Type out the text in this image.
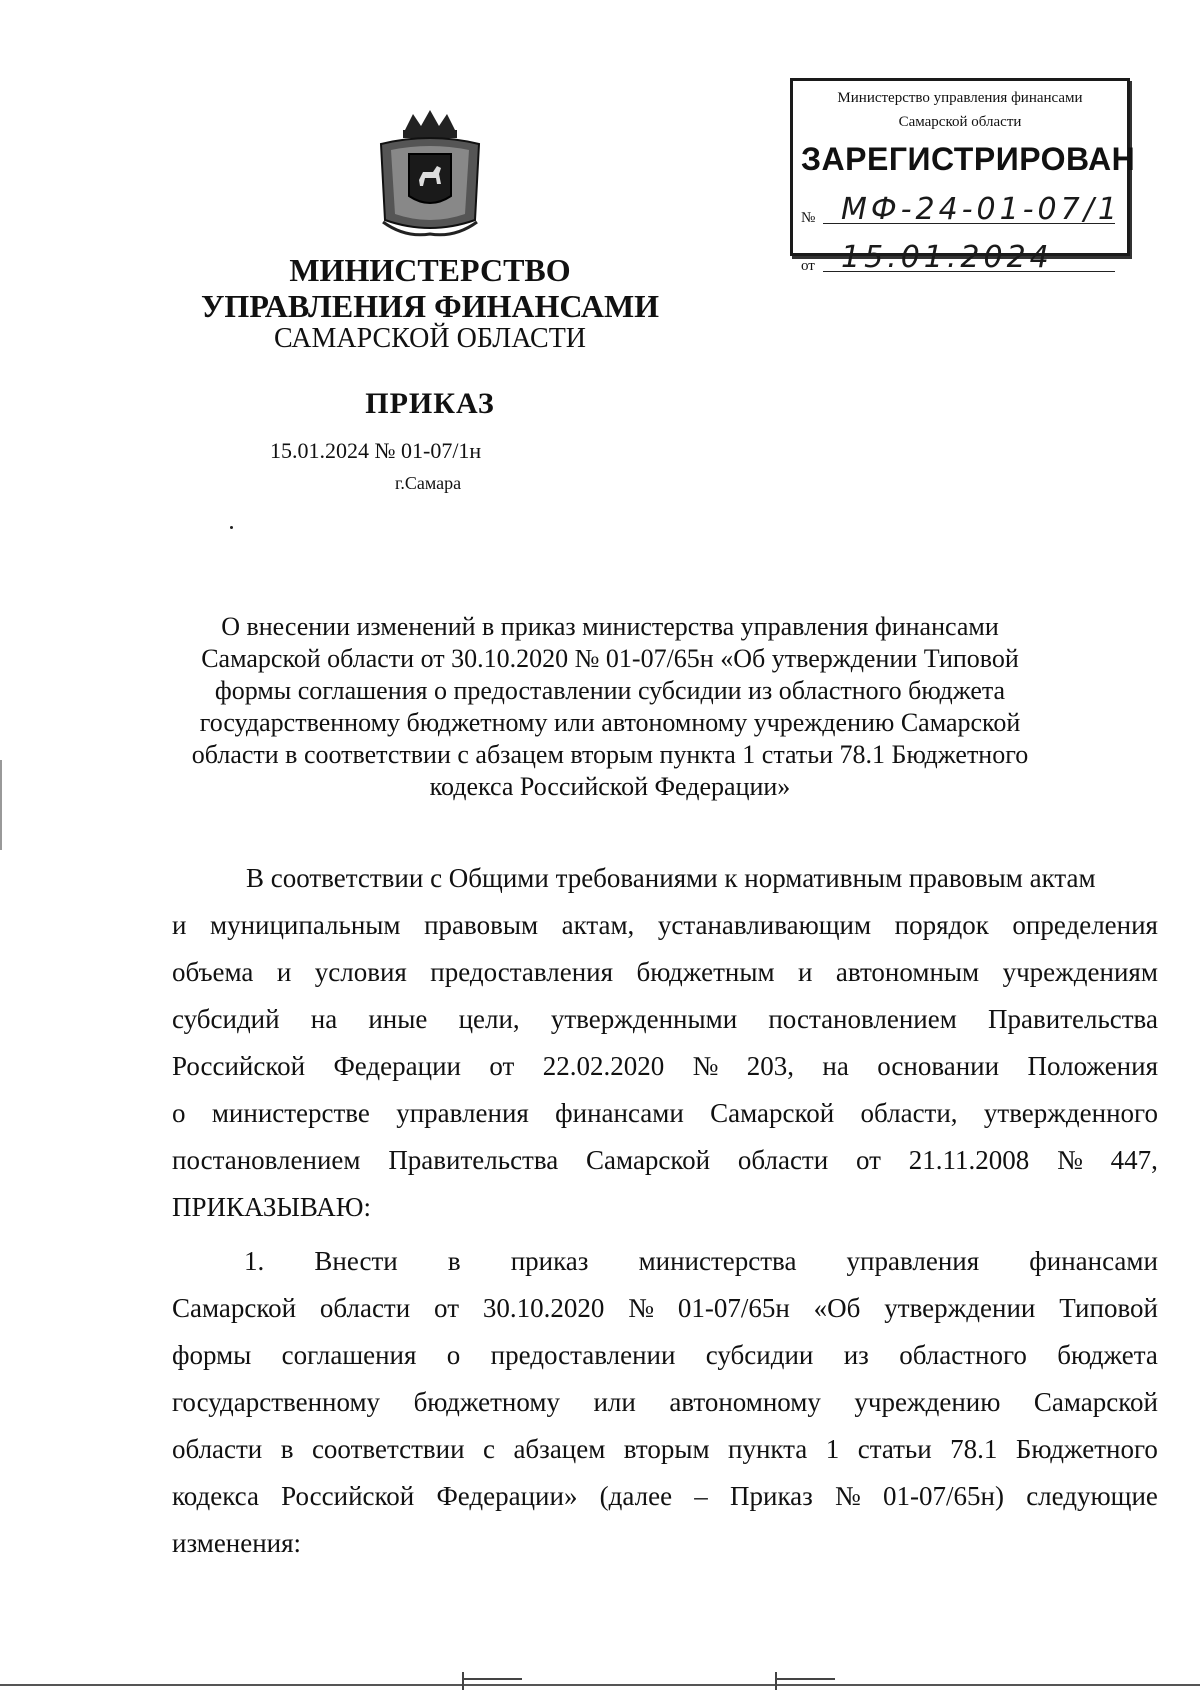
Министерство управления финансами
Самарской области
ЗАРЕГИСТРИРОВАН
№ МФ-24-01-07/1
от 15.01.2024
МИНИСТЕРСТВО
УПРАВЛЕНИЯ ФИНАНСАМИ
САМАРСКОЙ ОБЛАСТИ
ПРИКАЗ
15.01.2024 № 01-07/1н
г.Самара
О внесении изменений в приказ министерства управления финансами
Самарской области от 30.10.2020 № 01-07/65н «Об утверждении Типовой
формы соглашения о предоставлении субсидии из областного бюджета
государственному бюджетному или автономному учреждению Самарской
области в соответствии с абзацем вторым пункта 1 статьи 78.1 Бюджетного
кодекса Российской Федерации»
В соответствии с Общими требованиями к нормативным правовым актам
и муниципальным правовым актам, устанавливающим порядок определения
объема и условия предоставления бюджетным и автономным учреждениям
субсидий на иные цели, утвержденными постановлением Правительства
Российской Федерации от 22.02.2020 № 203, на основании Положения
о министерстве управления финансами Самарской области, утвержденного
постановлением Правительства Самарской области от 21.11.2008 № 447,
ПРИКАЗЫВАЮ:
1. Внести в приказ министерства управления финансами
Самарской области от 30.10.2020 № 01-07/65н «Об утверждении Типовой
формы соглашения о предоставлении субсидии из областного бюджета
государственному бюджетному или автономному учреждению Самарской
области в соответствии с абзацем вторым пункта 1 статьи 78.1 Бюджетного
кодекса Российской Федерации» (далее – Приказ № 01-07/65н) следующие
изменения:
